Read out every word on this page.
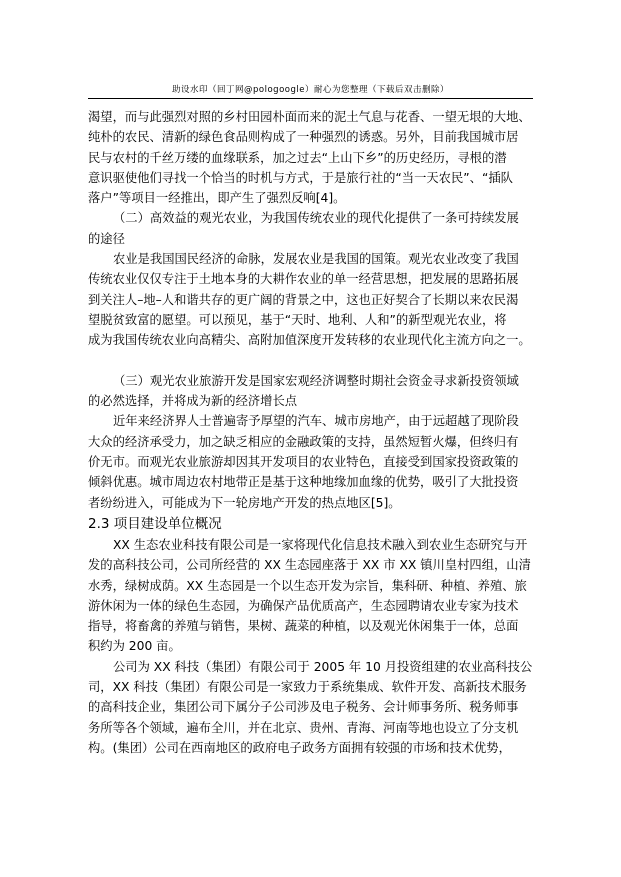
助设水印（回丁网@pologoogle）耐心为您整理（下载后双击删除）
渴望，而与此强烈对照的乡村田园朴面而来的泥土气息与花香、一望无垠的大地、
纯朴的农民、清新的绿色食品则构成了一种强烈的诱惑。另外，目前我国城市居
民与农村的千丝万缕的血缘联系，加之过去“上山下乡”的历史经历，寻根的潜
意识驱使他们寻找一个恰当的时机与方式，于是旅行社的“当一天农民”、“插队
落户”等项目一经推出，即产生了强烈反响[4]。
（二）高效益的观光农业，为我国传统农业的现代化提供了一条可持续发展
的途径
农业是我国国民经济的命脉，发展农业是我国的国策。观光农业改变了我国
传统农业仅仅专注于土地本身的大耕作农业的单一经营思想，把发展的思路拓展
到关注人–地–人和谐共存的更广阔的背景之中，这也正好契合了长期以来农民渴
望脱贫致富的愿望。可以预见，基于“天时、地利、人和”的新型观光农业，将
成为我国传统农业向高精尖、高附加值深度开发转移的农业现代化主流方向之一。
（三）观光农业旅游开发是国家宏观经济调整时期社会资金寻求新投资领域
的必然选择，并将成为新的经济增长点
近年来经济界人士普遍寄予厚望的汽车、城市房地产，由于远超越了现阶段
大众的经济承受力，加之缺乏相应的金融政策的支持，虽然短暂火爆，但终归有
价无市。而观光农业旅游却因其开发项目的农业特色，直接受到国家投资政策的
倾斜优惠。城市周边农村地带正是基于这种地缘加血缘的优势，吸引了大批投资
者纷纷进入，可能成为下一轮房地产开发的热点地区[5]。
2.3 项目建设单位概况
XX 生态农业科技有限公司是一家将现代化信息技术融入到农业生态研究与开
发的高科技公司，公司所经营的 XX 生态园座落于 XX 市 XX 镇川皇村四组，山清
水秀，绿树成荫。XX 生态园是一个以生态开发为宗旨，集科研、种植、养殖、旅
游休闲为一体的绿色生态园，为确保产品优质高产，生态园聘请农业专家为技术
指导，将畜禽的养殖与销售，果树、蔬菜的种植，以及观光休闲集于一体，总面
积约为 200 亩。
公司为 XX 科技（集团）有限公司于 2005 年 10 月投资组建的农业高科技公
司，XX 科技（集团）有限公司是一家致力于系统集成、软件开发、高新技术服务
的高科技企业，集团公司下属分子公司涉及电子税务、会计师事务所、税务师事
务所等各个领域，遍布全川，并在北京、贵州、青海、河南等地也设立了分支机
构。(集团）公司在西南地区的政府电子政务方面拥有较强的市场和技术优势，
